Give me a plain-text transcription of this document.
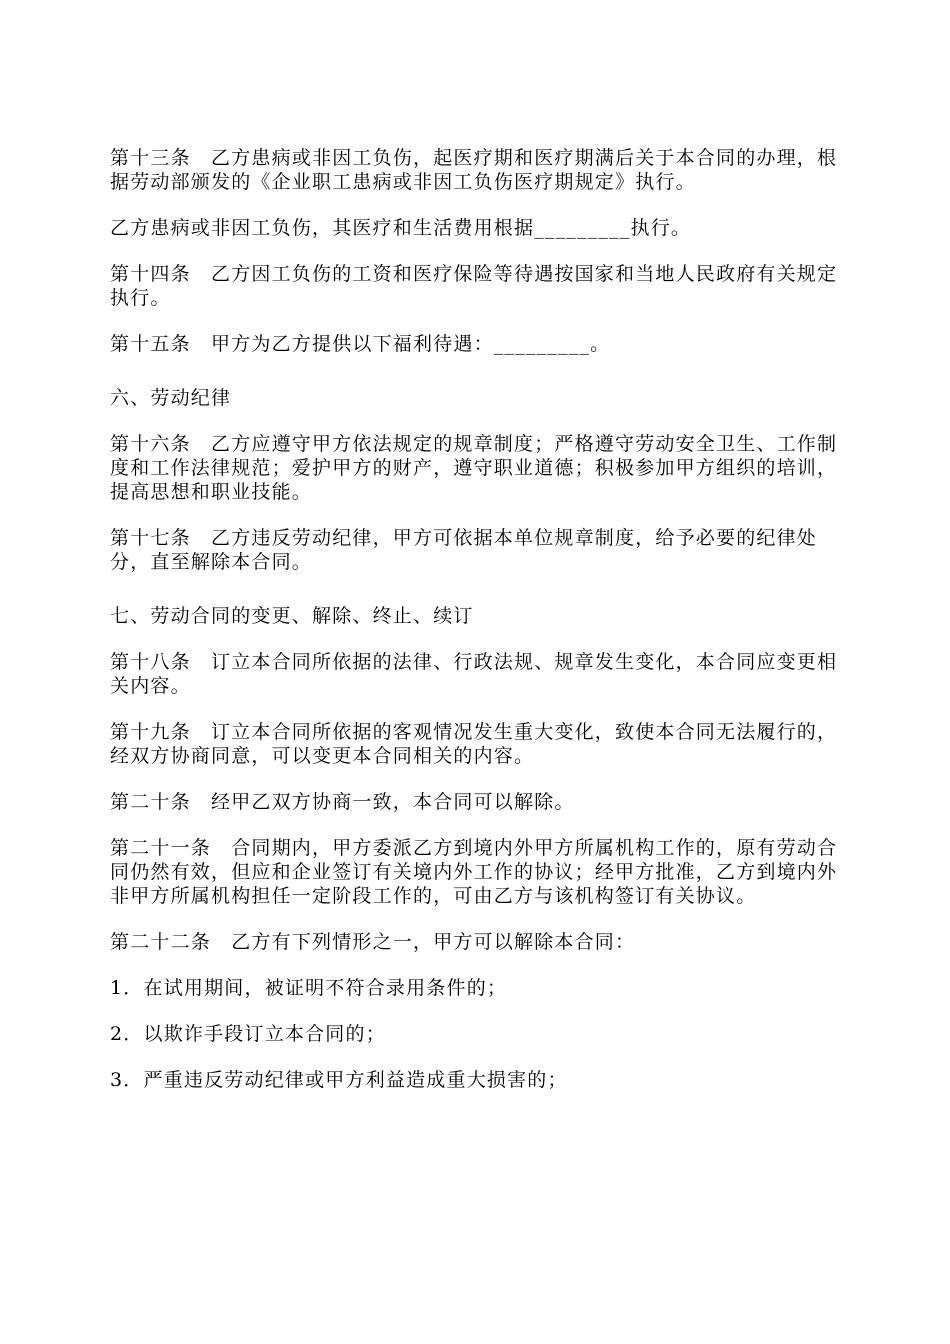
第十三条　乙方患病或非因工负伤，起医疗期和医疗期满后关于本合同的办理，根据劳动部颁发的《企业职工患病或非因工负伤医疗期规定》执行。

乙方患病或非因工负伤，其医疗和生活费用根据_________执行。

第十四条　乙方因工负伤的工资和医疗保险等待遇按国家和当地人民政府有关规定执行。

第十五条　甲方为乙方提供以下福利待遇：_________。

六、劳动纪律

第十六条　乙方应遵守甲方依法规定的规章制度；严格遵守劳动安全卫生、工作制度和工作法律规范；爱护甲方的财产，遵守职业道德；积极参加甲方组织的培训，提高思想和职业技能。

第十七条　乙方违反劳动纪律，甲方可依据本单位规章制度，给予必要的纪律处分，直至解除本合同。

七、劳动合同的变更、解除、终止、续订

第十八条　订立本合同所依据的法律、行政法规、规章发生变化，本合同应变更相关内容。

第十九条　订立本合同所依据的客观情况发生重大变化，致使本合同无法履行的，经双方协商同意，可以变更本合同相关的内容。

第二十条　经甲乙双方协商一致，本合同可以解除。

第二十一条　合同期内，甲方委派乙方到境内外甲方所属机构工作的，原有劳动合同仍然有效，但应和企业签订有关境内外工作的协议；经甲方批准，乙方到境内外非甲方所属机构担任一定阶段工作的，可由乙方与该机构签订有关协议。

第二十二条　乙方有下列情形之一，甲方可以解除本合同：

1．在试用期间，被证明不符合录用条件的；

2．以欺诈手段订立本合同的；

3．严重违反劳动纪律或甲方利益造成重大损害的；
